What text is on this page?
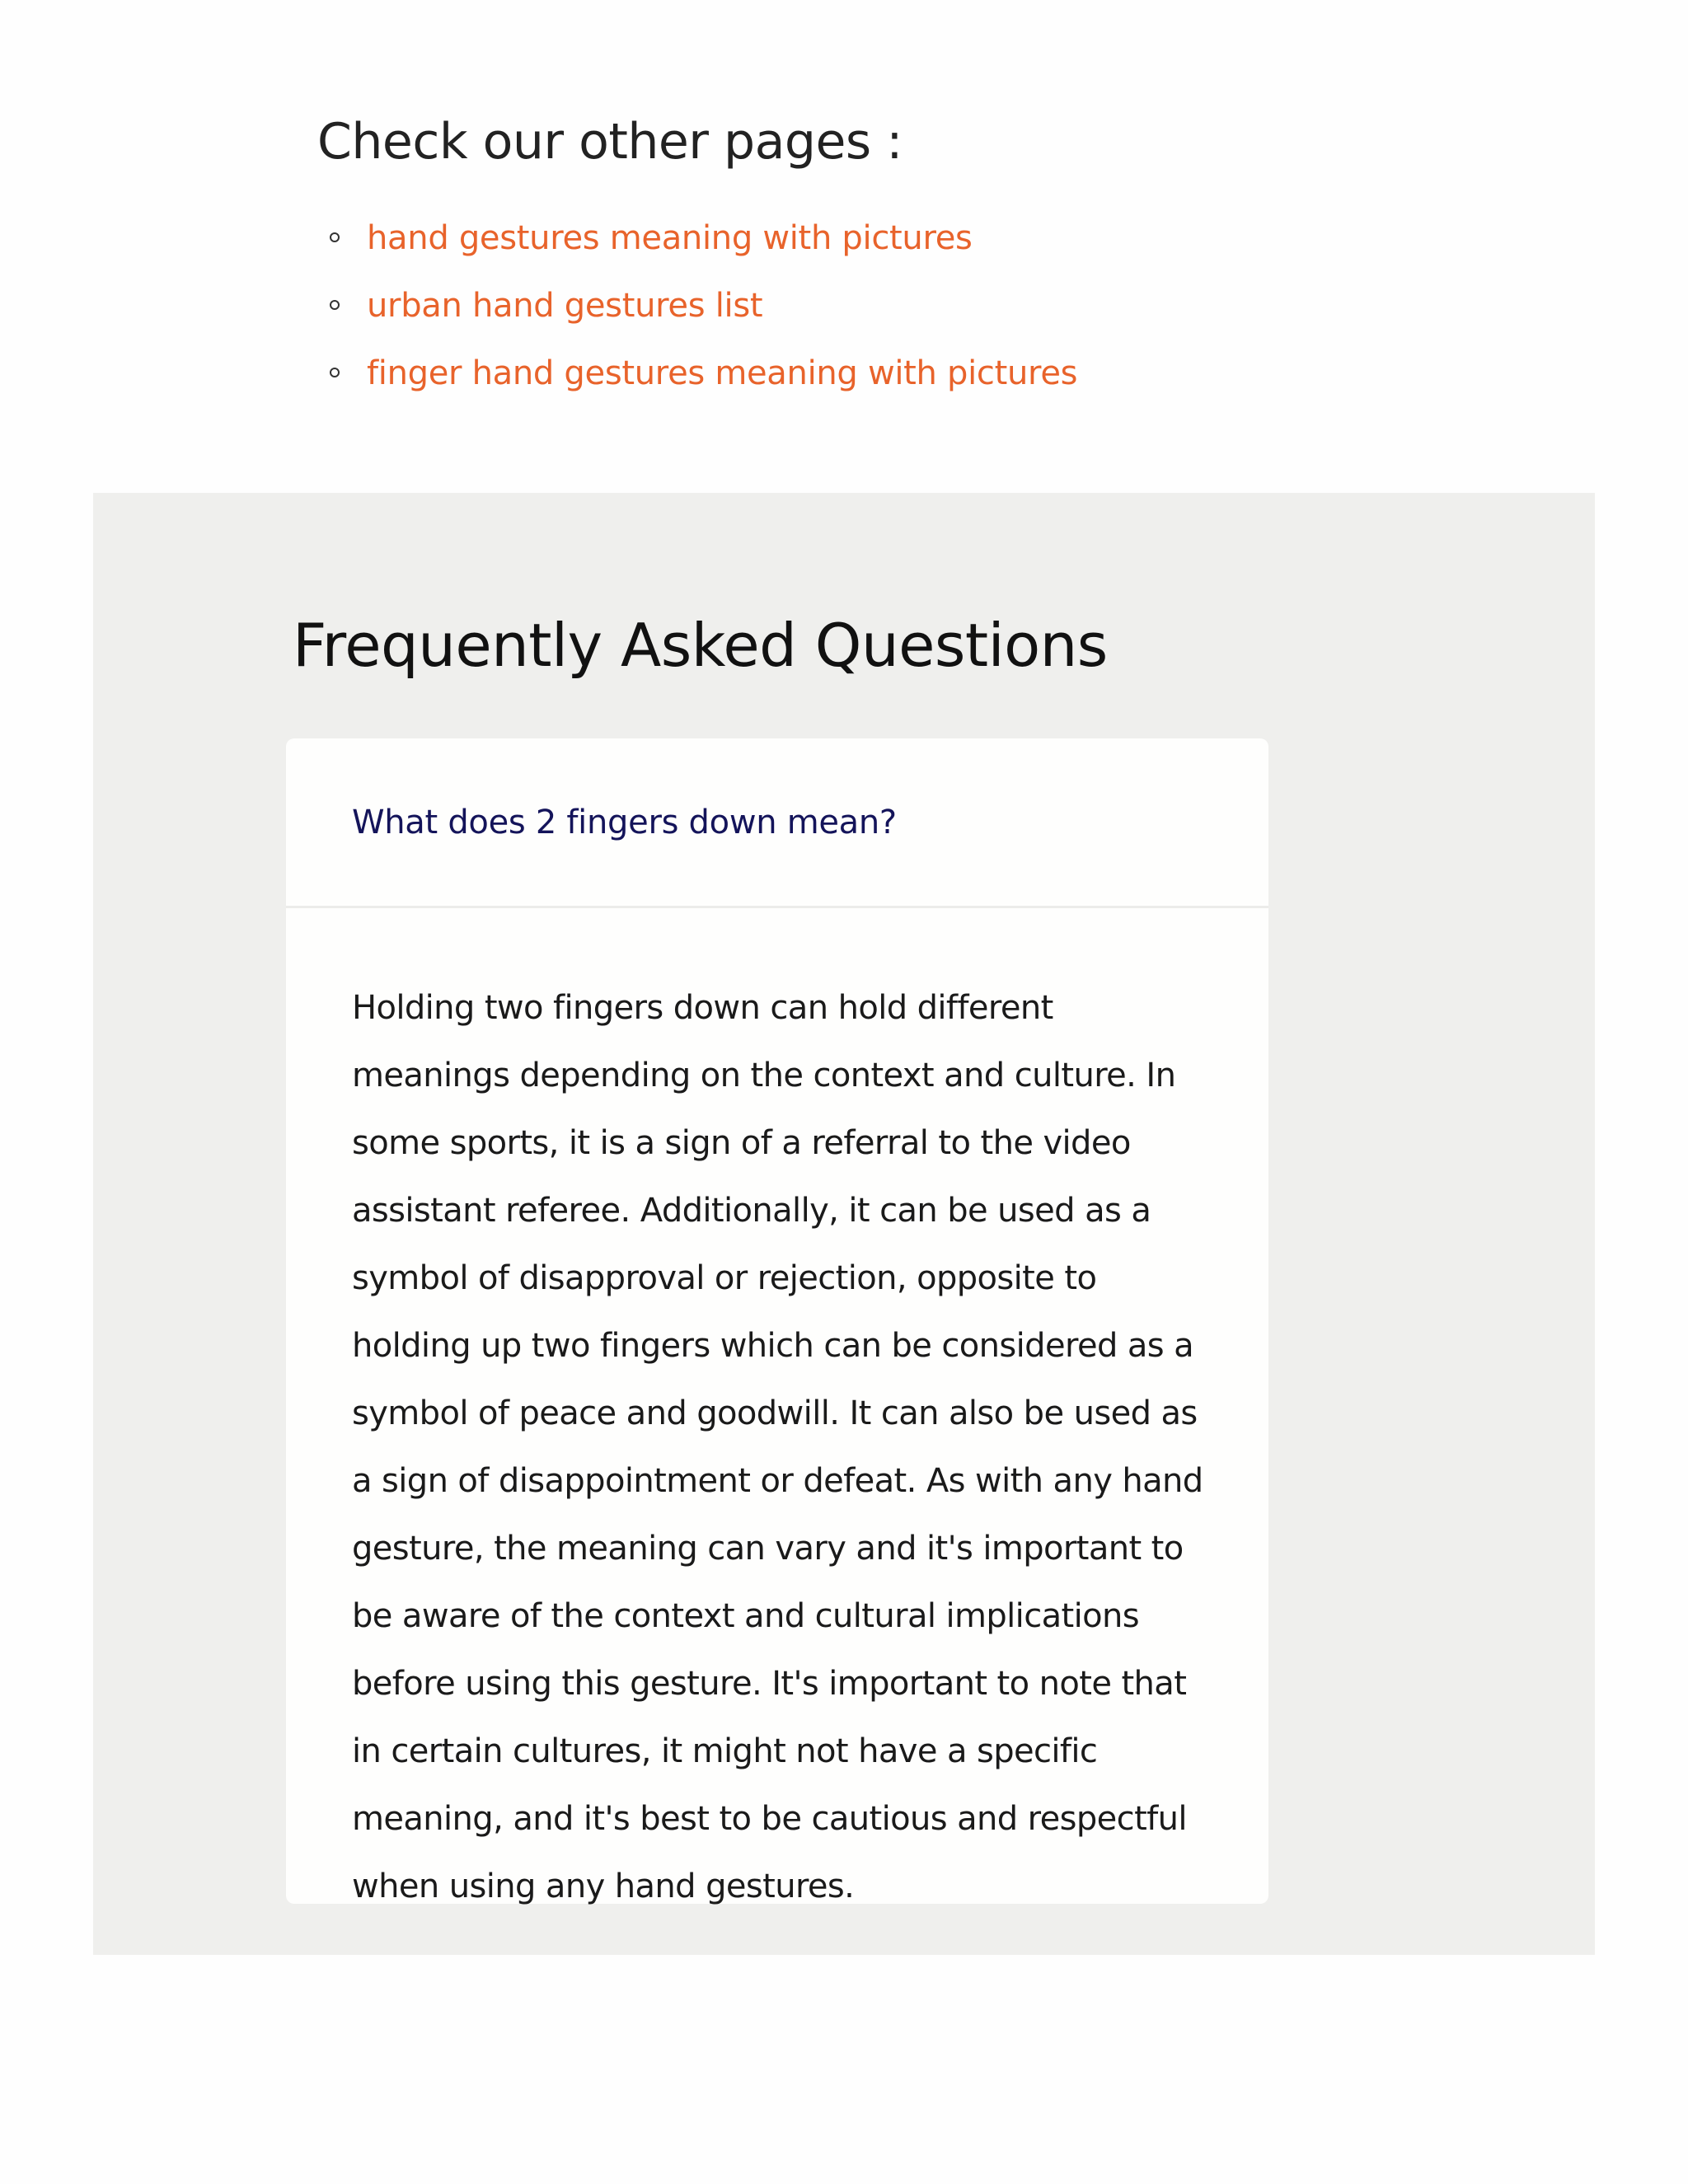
Check our other pages :
hand gestures meaning with pictures
urban hand gestures list
finger hand gestures meaning with pictures
Frequently Asked Questions
What does 2 fingers down mean?

Holding two fingers down can hold different meanings depending on the context and culture. In some sports, it is a sign of a referral to the video assistant referee. Additionally, it can be used as a symbol of disapproval or rejection, opposite to holding up two fingers which can be considered as a symbol of peace and goodwill. It can also be used as a sign of disappointment or defeat. As with any hand gesture, the meaning can vary and it's important to be aware of the context and cultural implications before using this gesture. It's important to note that in certain cultures, it might not have a specific meaning, and it's best to be cautious and respectful when using any hand gestures.
